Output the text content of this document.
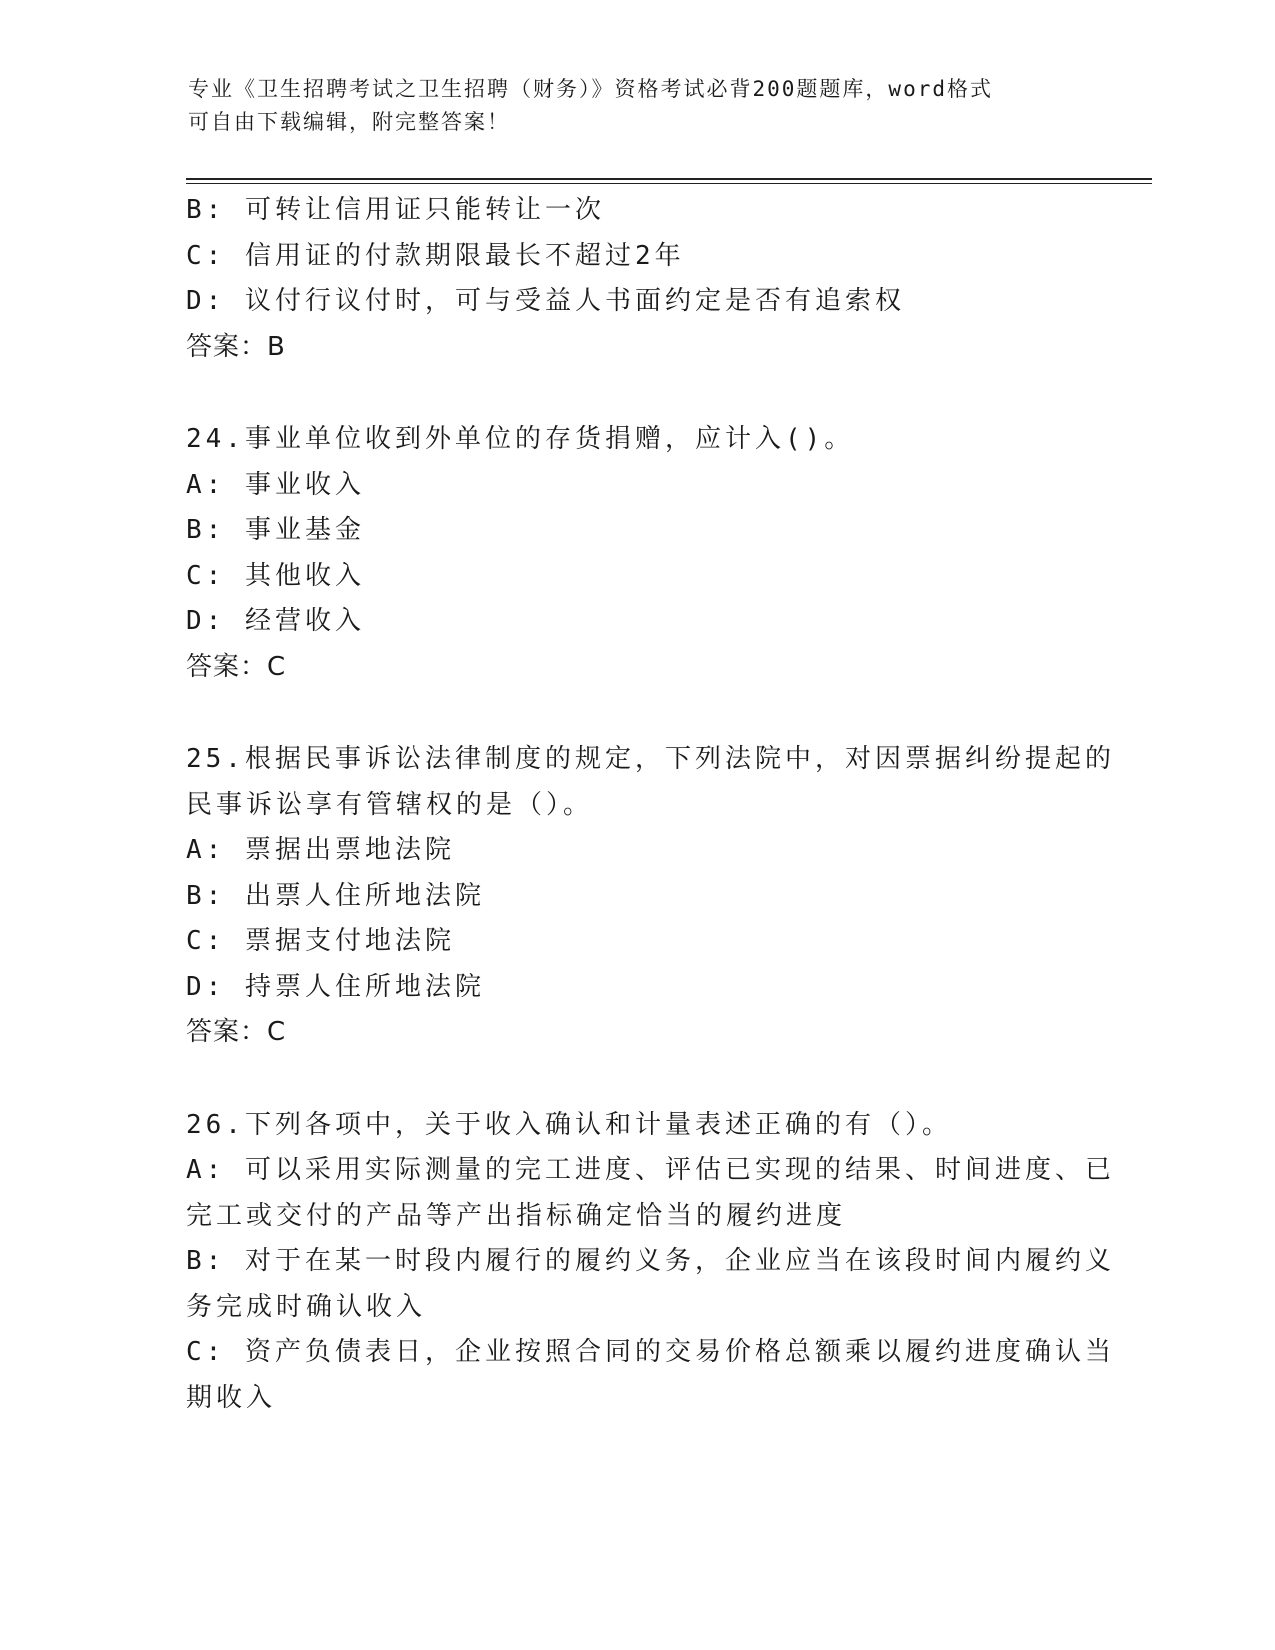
专业《卫生招聘考试之卫生招聘（财务）》资格考试必背200题题库，word格式
可自由下载编辑，附完整答案！

B: 可转让信用证只能转让一次

C: 信用证的付款期限最长不超过2年

D: 议付行议付时，可与受益人书面约定是否有追索权

答案：B

24.事业单位收到外单位的存货捐赠，应计入()。

A: 事业收入

B: 事业基金

C: 其他收入

D: 经营收入

答案：C

25.根据民事诉讼法律制度的规定，下列法院中，对因票据纠纷提起的

民事诉讼享有管辖权的是（）。

A: 票据出票地法院

B: 出票人住所地法院

C: 票据支付地法院

D: 持票人住所地法院

答案：C

26.下列各项中，关于收入确认和计量表述正确的有（）。

A: 可以采用实际测量的完工进度、评估已实现的结果、时间进度、已

完工或交付的产品等产出指标确定恰当的履约进度

B: 对于在某一时段内履行的履约义务，企业应当在该段时间内履约义

务完成时确认收入

C: 资产负债表日，企业按照合同的交易价格总额乘以履约进度确认当

期收入
